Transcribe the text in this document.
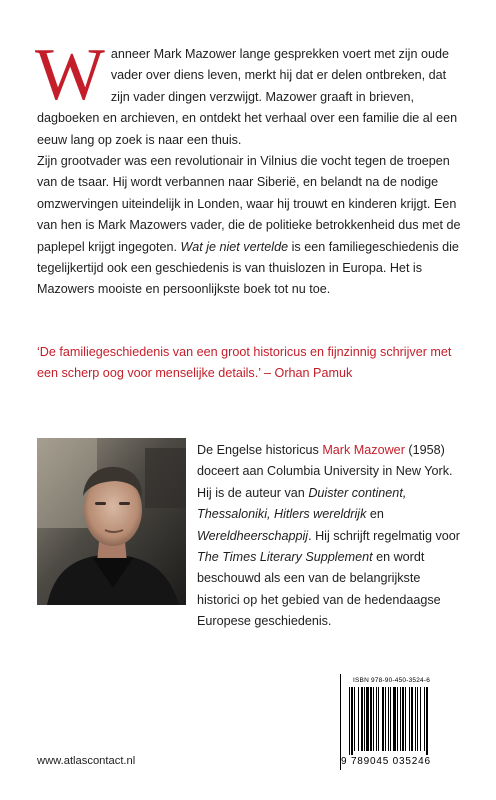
W anneer Mark Mazower lange gesprekken voert met zijn oude vader over diens leven, merkt hij dat er delen ontbreken, dat zijn vader dingen verzwijgt. Mazower graaft in brieven, dagboeken en archieven, en ontdekt het verhaal over een familie die al een eeuw lang op zoek is naar een thuis.

Zijn grootvader was een revolutionair in Vilnius die vocht tegen de troepen van de tsaar. Hij wordt verbannen naar Siberië, en belandt na de nodige omzwervingen uiteindelijk in Londen, waar hij trouwt en kinderen krijgt. Een van hen is Mark Mazowers vader, die de politieke betrokkenheid dus met de paplepel krijgt ingegoten. Wat je niet vertelde is een familiegeschiedenis die tegelijkertijd ook een geschiedenis is van thuislozen in Europa. Het is Mazowers mooiste en persoonlijkste boek tot nu toe.

‘De familiegeschiedenis van een groot historicus en fijnzinnig schrijver met een scherp oog voor menselijke details.’ – Orhan Pamuk

De Engelse historicus Mark Mazower (1958) doceert aan Columbia University in New York. Hij is de auteur van Duister continent, Thessaloniki, Hitlers wereldrijk en Wereldheerschappij. Hij schrijft regelmatig voor The Times Literary Supplement en wordt beschouwd als een van de belangrijkste historici op het gebied van de hedendaagse Europese geschiedenis.

ISBN 978-90-450-3524-6
9 789045 035246
www.atlascontact.nl
